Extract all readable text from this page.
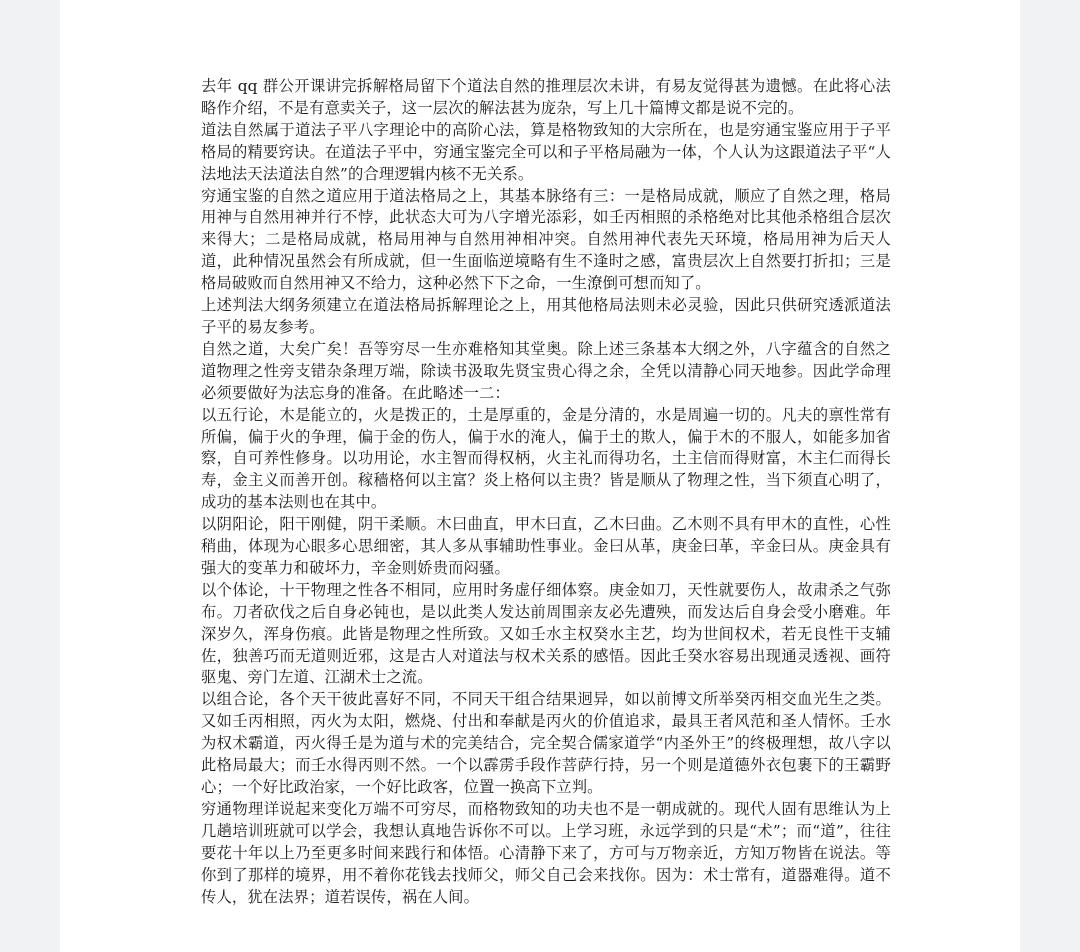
去年 qq 群公开课讲完拆解格局留下个道法自然的推理层次未讲，有易友觉得甚为遗憾。在此将心法略作介绍，不是有意卖关子，这一层次的解法甚为庞杂，写上几十篇博文都是说不完的。

道法自然属于道法子平八字理论中的高阶心法，算是格物致知的大宗所在，也是穷通宝鉴应用于子平格局的精要窍诀。在道法子平中，穷通宝鉴完全可以和子平格局融为一体，个人认为这跟道法子平“人法地法天法道法自然”的合理逻辑内核不无关系。

穷通宝鉴的自然之道应用于道法格局之上，其基本脉络有三：一是格局成就，顺应了自然之理，格局用神与自然用神并行不悖，此状态大可为八字增光添彩，如壬丙相照的杀格绝对比其他杀格组合层次来得大；二是格局成就，格局用神与自然用神相冲突。自然用神代表先天环境，格局用神为后天人道，此种情况虽然会有所成就，但一生面临逆境略有生不逢时之感，富贵层次上自然要打折扣；三是格局破败而自然用神又不给力，这种必然下下之命，一生潦倒可想而知了。

上述判法大纲务须建立在道法格局拆解理论之上，用其他格局法则未必灵验，因此只供研究透派道法子平的易友参考。

自然之道，大矣广矣！吾等穷尽一生亦难格知其堂奥。除上述三条基本大纲之外，八字蕴含的自然之道物理之性旁支错杂条理万端，除读书汲取先贤宝贵心得之余，全凭以清静心同天地参。因此学命理必须要做好为法忘身的准备。在此略述一二：

以五行论，木是能立的，火是拨正的，土是厚重的，金是分清的，水是周遍一切的。凡夫的禀性常有所偏，偏于火的争理，偏于金的伤人，偏于水的淹人，偏于土的欺人，偏于木的不服人，如能多加省察，自可养性修身。以功用论，水主智而得权柄，火主礼而得功名，土主信而得财富，木主仁而得长寿，金主义而善开创。稼穑格何以主富？炎上格何以主贵？皆是顺从了物理之性，当下须直心明了，成功的基本法则也在其中。

以阴阳论，阳干刚健，阴干柔顺。木曰曲直，甲木曰直，乙木曰曲。乙木则不具有甲木的直性，心性稍曲，体现为心眼多心思细密，其人多从事辅助性事业。金曰从革，庚金曰革，辛金曰从。庚金具有强大的变革力和破坏力，辛金则娇贵而闷骚。

以个体论，十干物理之性各不相同，应用时务虚仔细体察。庚金如刀，天性就要伤人，故肃杀之气弥布。刀者砍伐之后自身必钝也，是以此类人发达前周围亲友必先遭殃，而发达后自身会受小磨难。年深岁久，浑身伤痕。此皆是物理之性所致。又如壬水主权癸水主艺，均为世间权术，若无良性干支辅佐，独善巧而无道则近邪，这是古人对道法与权术关系的感悟。因此壬癸水容易出现通灵透视、画符驱鬼、旁门左道、江湖术士之流。

以组合论，各个天干彼此喜好不同，不同天干组合结果迥异，如以前博文所举癸丙相交血光生之类。又如壬丙相照，丙火为太阳，燃烧、付出和奉献是丙火的价值追求，最具王者风范和圣人情怀。壬水为权术霸道，丙火得壬是为道与术的完美结合，完全契合儒家道学“内圣外王”的终极理想，故八字以此格局最大；而壬水得丙则不然。一个以霹雳手段作菩萨行持，另一个则是道德外衣包裹下的王霸野心；一个好比政治家，一个好比政客，位置一换高下立判。

穷通物理详说起来变化万端不可穷尽，而格物致知的功夫也不是一朝成就的。现代人固有思维认为上几趟培训班就可以学会，我想认真地告诉你不可以。上学习班，永远学到的只是“术”；而“道”，往往要花十年以上乃至更多时间来践行和体悟。心清静下来了，方可与万物亲近，方知万物皆在说法。等你到了那样的境界，用不着你花钱去找师父，师父自己会来找你。因为：术士常有，道器难得。道不传人，犹在法界；道若误传，祸在人间。
